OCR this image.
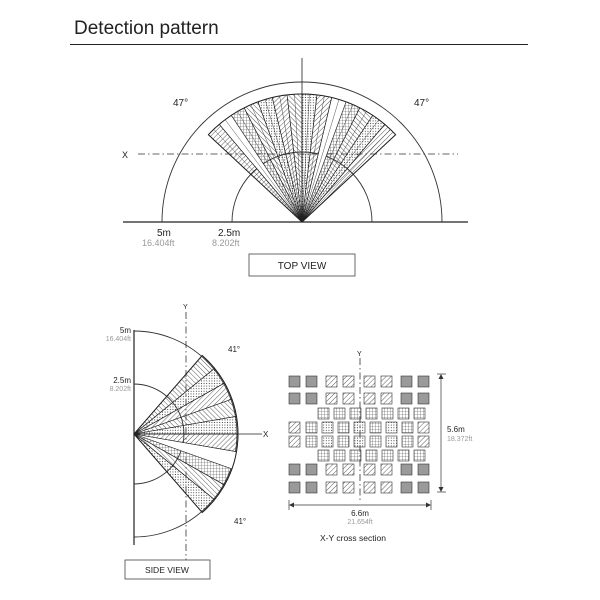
Detection pattern
X
47°	47°
5m
16.404ft
2.5m
8.202ft
TOP VIEW
Y
X
5m
16.404ft
2.5m
8.202ft
41°
41°
SIDE VIEW
Y
5.6m
18.372ft
6.6m
21.654ft
X-Y cross section
